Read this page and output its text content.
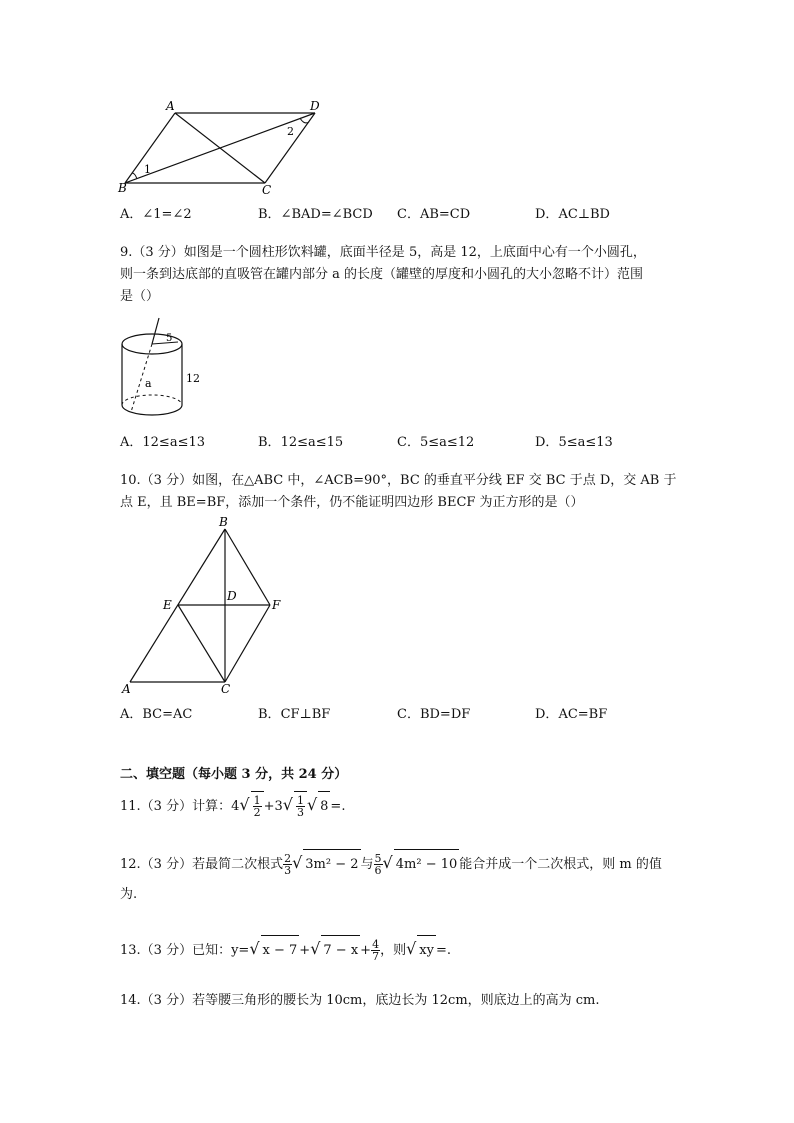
A	D
B	C
1
2
A．∠1=∠2	B．∠BAD=∠BCD C．AB=CD	D．AC⊥BD
9.（3 分）如图是一个圆柱形饮料罐，底面半径是 5，高是 12，上底面中心有一个小圆孔，
则一条到达底部的直吸管在罐内部分 a 的长度（罐壁的厚度和小圆孔的大小忽略不计）范围
是（）
5
12
a
A．12≤a≤13	B．12≤a≤15	C．5≤a≤12	D．5≤a≤13
10.（3 分）如图，在△ABC 中，∠ACB=90°，BC 的垂直平分线 EF 交 BC 于点 D，交 AB 于
点 E，且 BE=BF，添加一个条件，仍不能证明四边形 BECF 为正方形的是（）
B
E
D
F
A	C
A．BC=AC	B．CF⊥BF	C．BD=DF	D．AC=BF
二、填空题（每小题 3 分，共 24 分）
11.（3 分）计算：$4√ \frac{1}{2} +3√ \frac{1}{3}$ √ 8 =.
12.（3 分）若最简二次根式 $\frac{2}{3}$ √ 3m² − 2 与 $\frac{5}{6}$ √ 4m² − 10 能合并成一个二次根式，则 m 的值
为.
13.（3 分）已知：y=√ x − 7 +√ $7 - x + \frac{4}{7}$ ，则√ xy =.
14.（3 分）若等腰三角形的腰长为 10cm，底边长为 12cm，则底边上的高为 cm.
